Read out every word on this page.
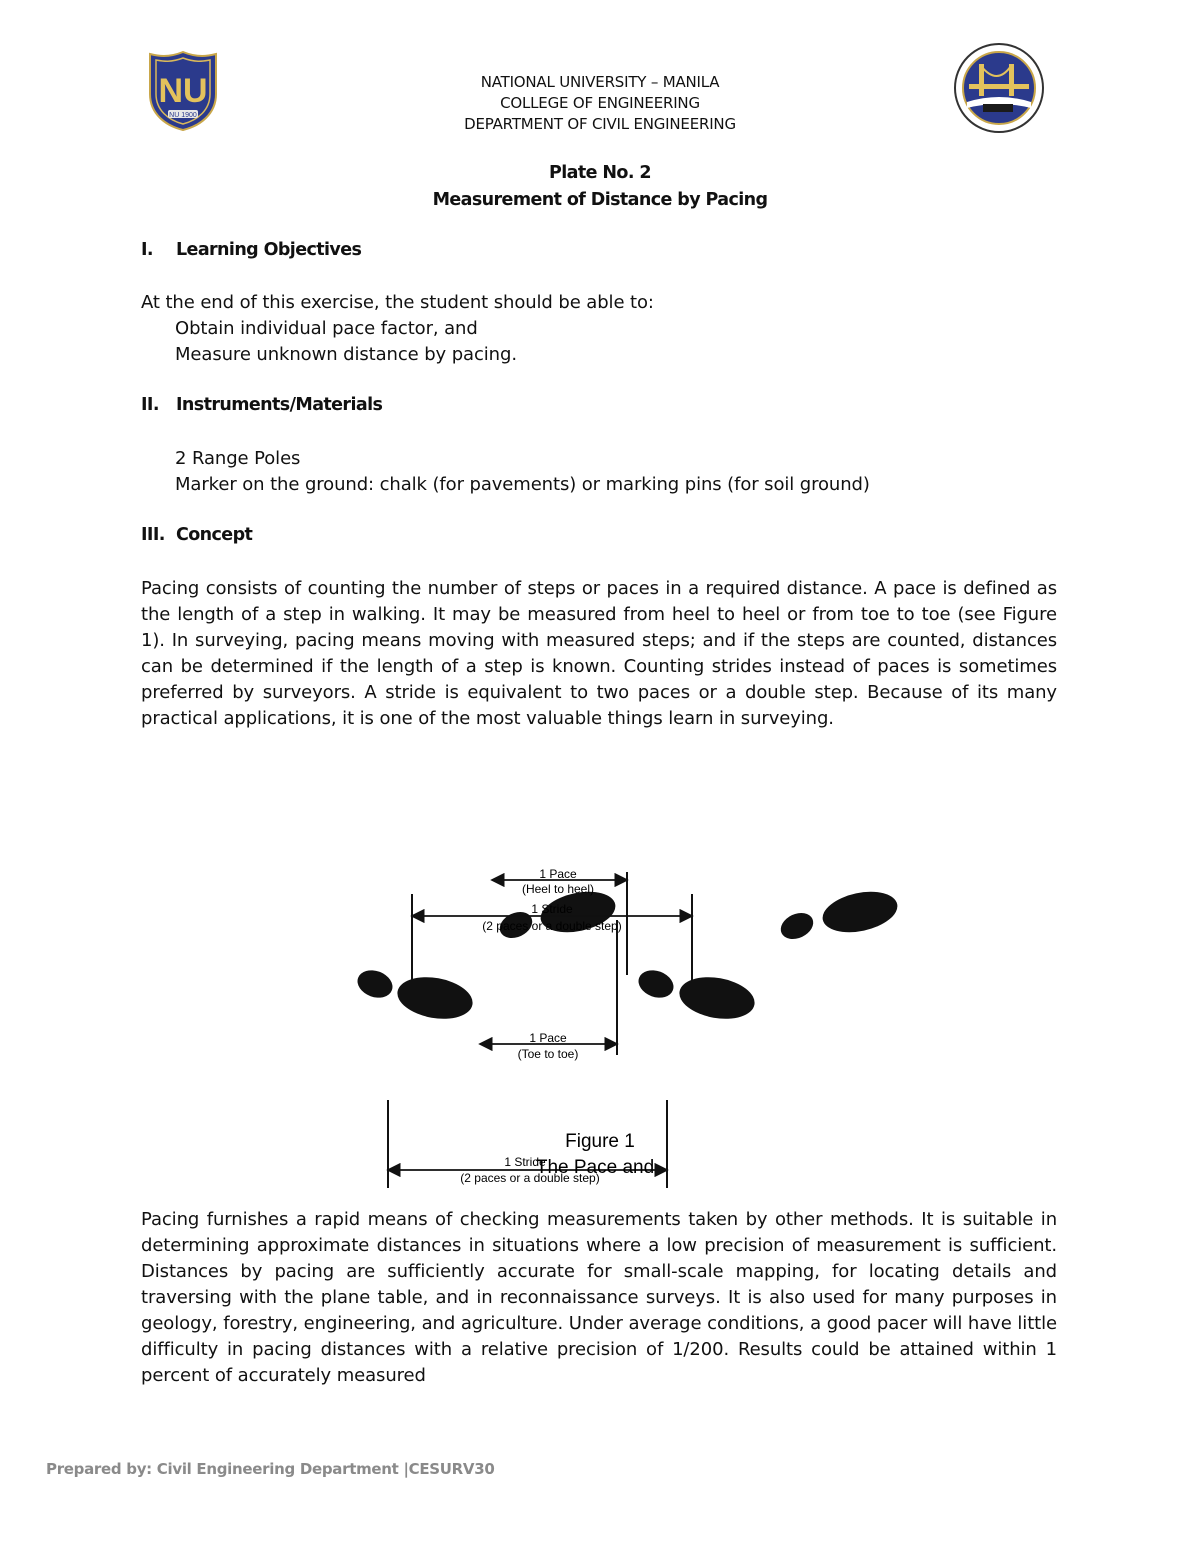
NU
NU 1900
NATIONAL UNIVERSITY – MANILA
COLLEGE OF ENGINEERING
DEPARTMENT OF CIVIL ENGINEERING
Plate No. 2
Measurement of Distance by Pacing
I. Learning Objectives
At the end of this exercise, the student should be able to:
Obtain individual pace factor, and
Measure unknown distance by pacing.
II. Instruments/Materials
2 Range Poles
Marker on the ground: chalk (for pavements) or marking pins (for soil ground)
III. Concept
Pacing consists of counting the number of steps or paces in a required distance. A pace is defined as the length of a step in walking. It may be measured from heel to heel or from toe to toe (see Figure 1). In surveying, pacing means moving with measured steps; and if the steps are counted, distances can be determined if the length of a step is known. Counting strides instead of paces is sometimes preferred by surveyors. A stride is equivalent to two paces or a double step. Because of its many practical applications, it is one of the most valuable things learn in surveying.
1 Pace
(Heel to heel)
1 Stride
(2 paces or a double step)
1 Pace
(Toe to toe)
1 Stride
(2 paces or a double step)
Figure 1
The Pace and
Pacing furnishes a rapid means of checking measurements taken by other methods. It is suitable in determining approximate distances in situations where a low precision of measurement is sufficient. Distances by pacing are sufficiently accurate for small-scale mapping, for locating details and traversing with the plane table, and in reconnaissance surveys. It is also used for many purposes in geology, forestry, engineering, and agriculture. Under average conditions, a good pacer will have little difficulty in pacing distances with a relative precision of 1/200. Results could be attained within 1 percent of accurately measured
Prepared by: Civil Engineering Department |CESURV30
